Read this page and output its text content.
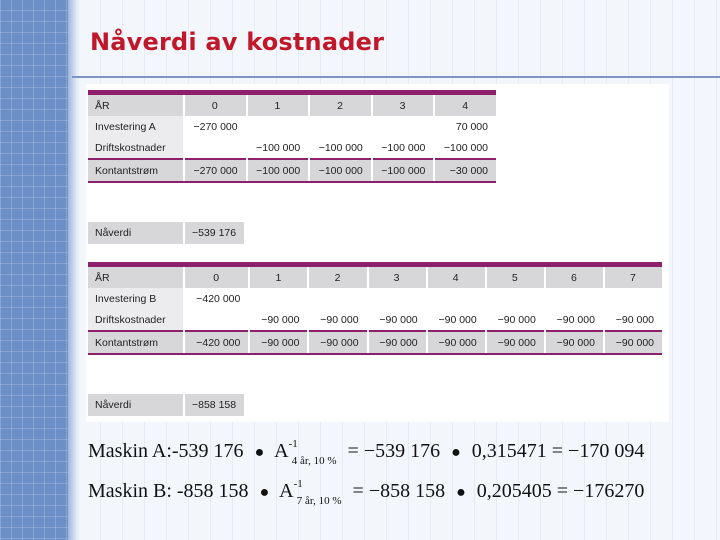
Nåverdi av kostnader
ÅR	0	1	2	3	4
Investering A	−270 000				70 000
Driftskostnader		−100 000	−100 000	−100 000	−100 000
Kontantstrøm	−270 000	−100 000	−100 000	−100 000	−30 000
Nåverdi	−539 176
ÅR	0	1	2	3	4	5	6	7
Investering B	−420 000							
Driftskostnader		−90 000	−90 000	−90 000	−90 000	−90 000	−90 000	−90 000
Kontantstrøm	−420 000	−90 000	−90 000	−90 000	−90 000	−90 000	−90 000	−90 000
Nåverdi	−858 158
Maskin A:-539 176 ● $A^{-1}_{4 år, 10 \%} = -539$ 176 ● 0,315471 = −170 094
Maskin B: -858 158 ● $A^{-1}_{7 år, 10 \%} = -858$ 158 ● 0,205405 = −176270
